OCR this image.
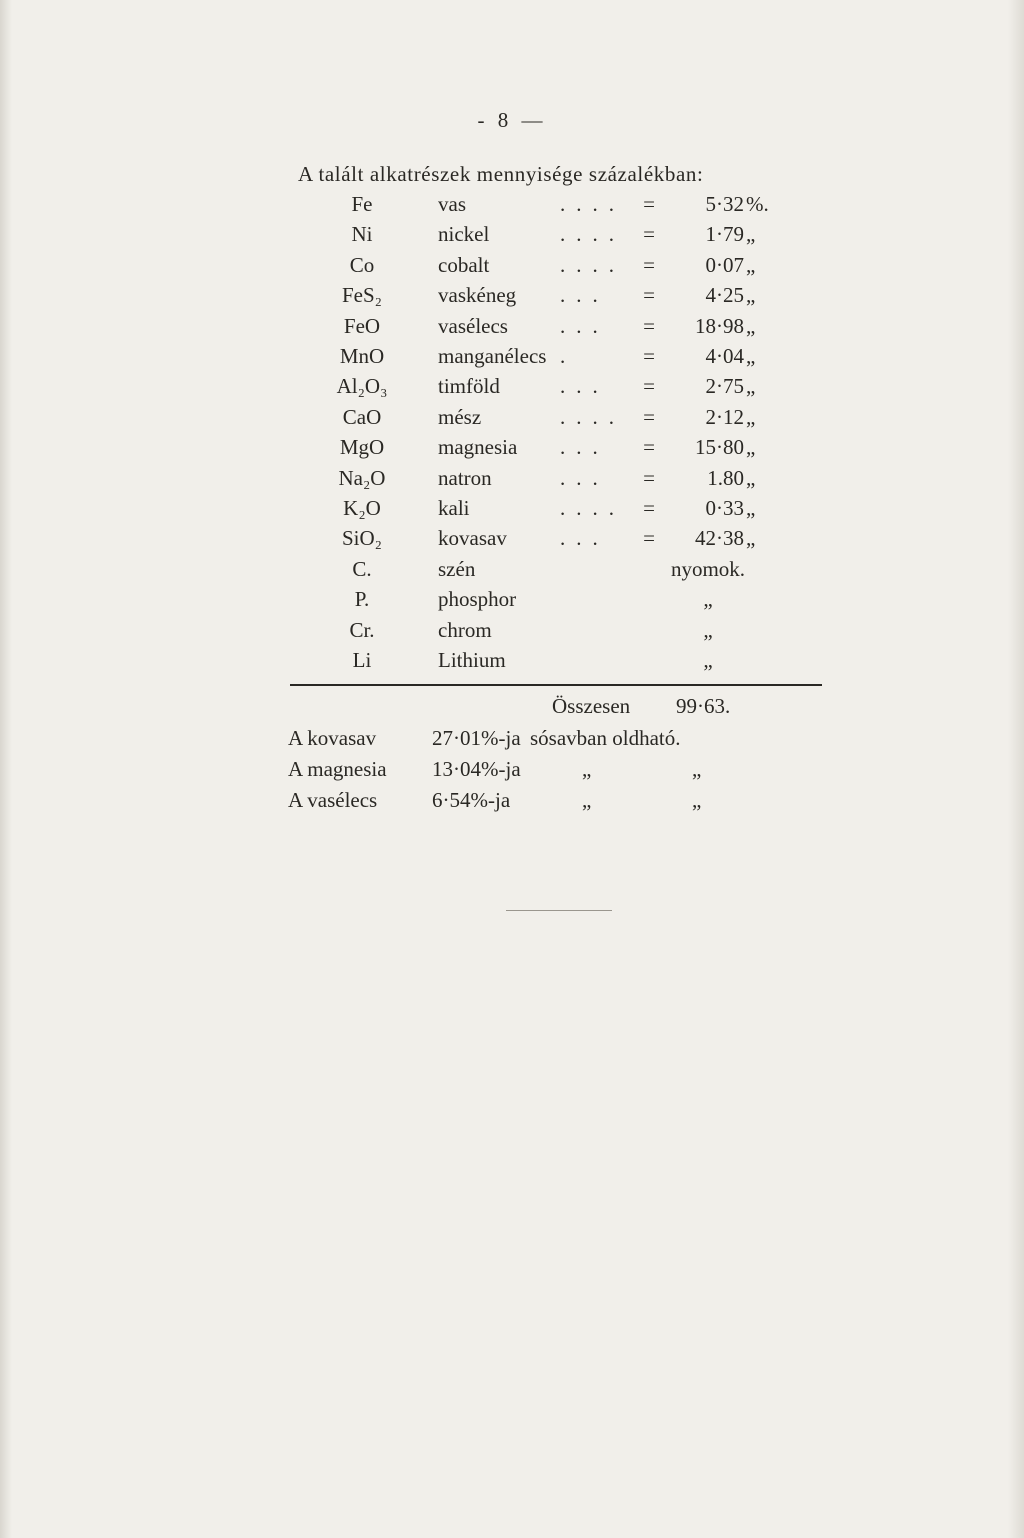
- 8 —
A talált alkatrészek mennyisége százalékban:
Fe	vas	.... =	5·32 %.
Ni	nickel	.... =	1·79 „
Co	cobalt	.... =	0·07 „
FeS₂	vaskéneg ...	=	4·25 „
FeO	vasélecs ...	=	18·98 „
MnO	manganélecs .	=	4·04 „
Al₂O₃	timföld	...	=	2·75 „
CaO	mész	.... =	2·12 „
MgO	magnesia ...	=	15·80 „
Na₂O	natron	...	=	1.80 „
K₂O	kali	.... =	0·33 „
SiO₂	kovasav	...	=	42·38 „
C.	szén	nyomok.
P.	phosphor	„
Cr.	chrom	„
Li	Lithium	„
Összesen 99·63.
A kovasav	27·01%-ja sósavban oldható.
A magnesia 13·04%-ja	„	„
A vasélecs	6·54%-ja	„	„
